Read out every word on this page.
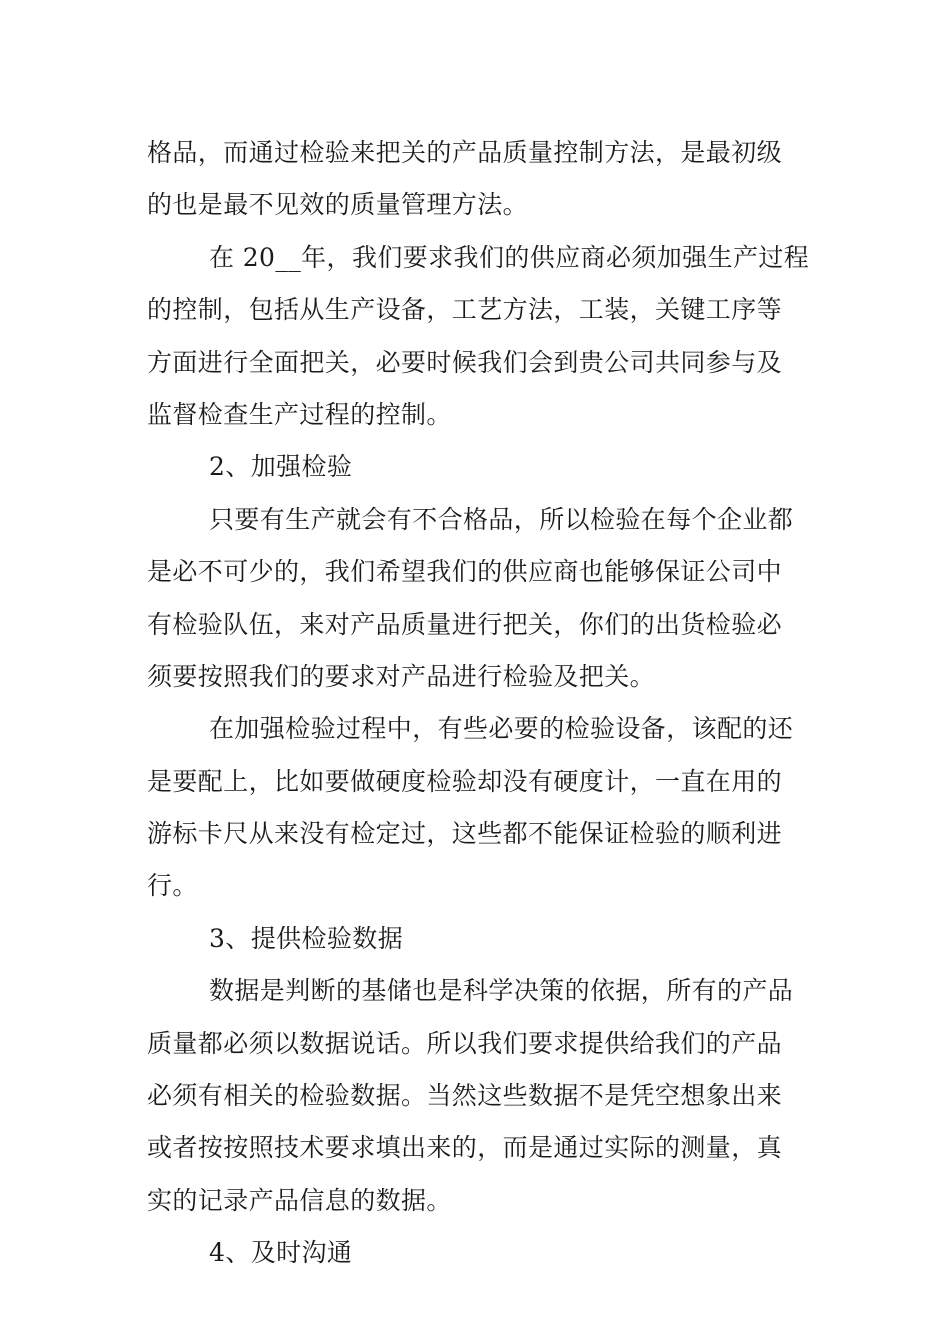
格品，而通过检验来把关的产品质量控制方法，是最初级
的也是最不见效的质量管理方法。
在 20__年，我们要求我们的供应商必须加强生产过程
的控制，包括从生产设备，工艺方法，工装，关键工序等
方面进行全面把关，必要时候我们会到贵公司共同参与及
监督检查生产过程的控制。
2、加强检验
只要有生产就会有不合格品，所以检验在每个企业都
是必不可少的，我们希望我们的供应商也能够保证公司中
有检验队伍，来对产品质量进行把关，你们的出货检验必
须要按照我们的要求对产品进行检验及把关。
在加强检验过程中，有些必要的检验设备，该配的还
是要配上，比如要做硬度检验却没有硬度计，一直在用的
游标卡尺从来没有检定过，这些都不能保证检验的顺利进
行。
3、提供检验数据
数据是判断的基储也是科学决策的依据，所有的产品
质量都必须以数据说话。所以我们要求提供给我们的产品
必须有相关的检验数据。当然这些数据不是凭空想象出来
或者按按照技术要求填出来的，而是通过实际的测量，真
实的记录产品信息的数据。
4、及时沟通
